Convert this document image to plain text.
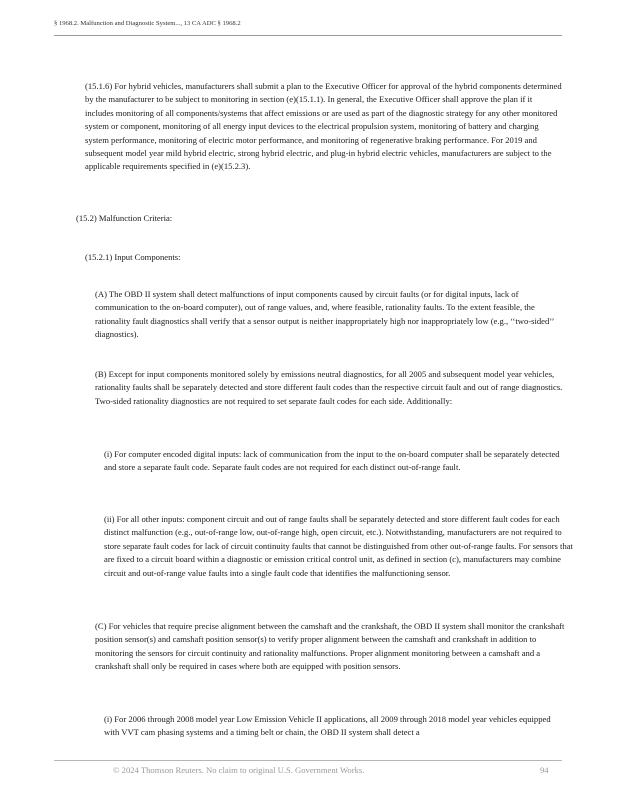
§ 1968.2. Malfunction and Diagnostic System..., 13 CA ADC § 1968.2

(15.1.6) For hybrid vehicles, manufacturers shall submit a plan to the Executive Officer for approval of the hybrid components determined by the manufacturer to be subject to monitoring in section (e)(15.1.1). In general, the Executive Officer shall approve the plan if it includes monitoring of all components/systems that affect emissions or are used as part of the diagnostic strategy for any other monitored system or component, monitoring of all energy input devices to the electrical propulsion system, monitoring of battery and charging system performance, monitoring of electric motor performance, and monitoring of regenerative braking performance. For 2019 and subsequent model year mild hybrid electric, strong hybrid electric, and plug-in hybrid electric vehicles, manufacturers are subject to the applicable requirements specified in (e)(15.2.3).

(15.2) Malfunction Criteria:

(15.2.1) Input Components:

(A) The OBD II system shall detect malfunctions of input components caused by circuit faults (or for digital inputs, lack of communication to the on-board computer), out of range values, and, where feasible, rationality faults. To the extent feasible, the rationality fault diagnostics shall verify that a sensor output is neither inappropriately high nor inappropriately low (e.g., ‘‘two-sided’’ diagnostics).

(B) Except for input components monitored solely by emissions neutral diagnostics, for all 2005 and subsequent model year vehicles, rationality faults shall be separately detected and store different fault codes than the respective circuit fault and out of range diagnostics. Two-sided rationality diagnostics are not required to set separate fault codes for each side. Additionally:

(i) For computer encoded digital inputs: lack of communication from the input to the on-board computer shall be separately detected and store a separate fault code. Separate fault codes are not required for each distinct out-of-range fault.

(ii) For all other inputs: component circuit and out of range faults shall be separately detected and store different fault codes for each distinct malfunction (e.g., out-of-range low, out-of-range high, open circuit, etc.). Notwithstanding, manufacturers are not required to store separate fault codes for lack of circuit continuity faults that cannot be distinguished from other out-of-range faults. For sensors that are fixed to a circuit board within a diagnostic or emission critical control unit, as defined in section (c), manufacturers may combine circuit and out-of-range value faults into a single fault code that identifies the malfunctioning sensor.

(C) For vehicles that require precise alignment between the camshaft and the crankshaft, the OBD II system shall monitor the crankshaft position sensor(s) and camshaft position sensor(s) to verify proper alignment between the camshaft and crankshaft in addition to monitoring the sensors for circuit continuity and rationality malfunctions. Proper alignment monitoring between a camshaft and a crankshaft shall only be required in cases where both are equipped with position sensors.

(i) For 2006 through 2008 model year Low Emission Vehicle II applications, all 2009 through 2018 model year vehicles equipped with VVT cam phasing systems and a timing belt or chain, the OBD II system shall detect a

© 2024 Thomson Reuters. No claim to original U.S. Government Works.	94
